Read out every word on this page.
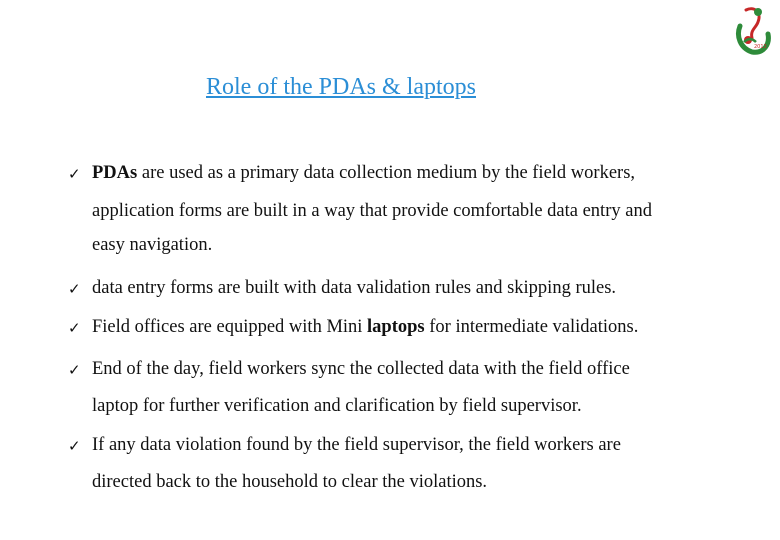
2013
Role of the PDAs & laptops
✓ PDAs are used as a primary data collection medium by the field workers,
application forms are built in a way that provide comfortable data entry and
easy navigation.
✓ data entry forms are built with data validation rules and skipping rules.
✓ Field offices are equipped with Mini laptops for intermediate validations.
✓ End of the day, field workers sync the collected data with the field office
laptop for further verification and clarification by field supervisor.
✓ If any data violation found by the field supervisor, the field workers are
directed back to the household to clear the violations.
